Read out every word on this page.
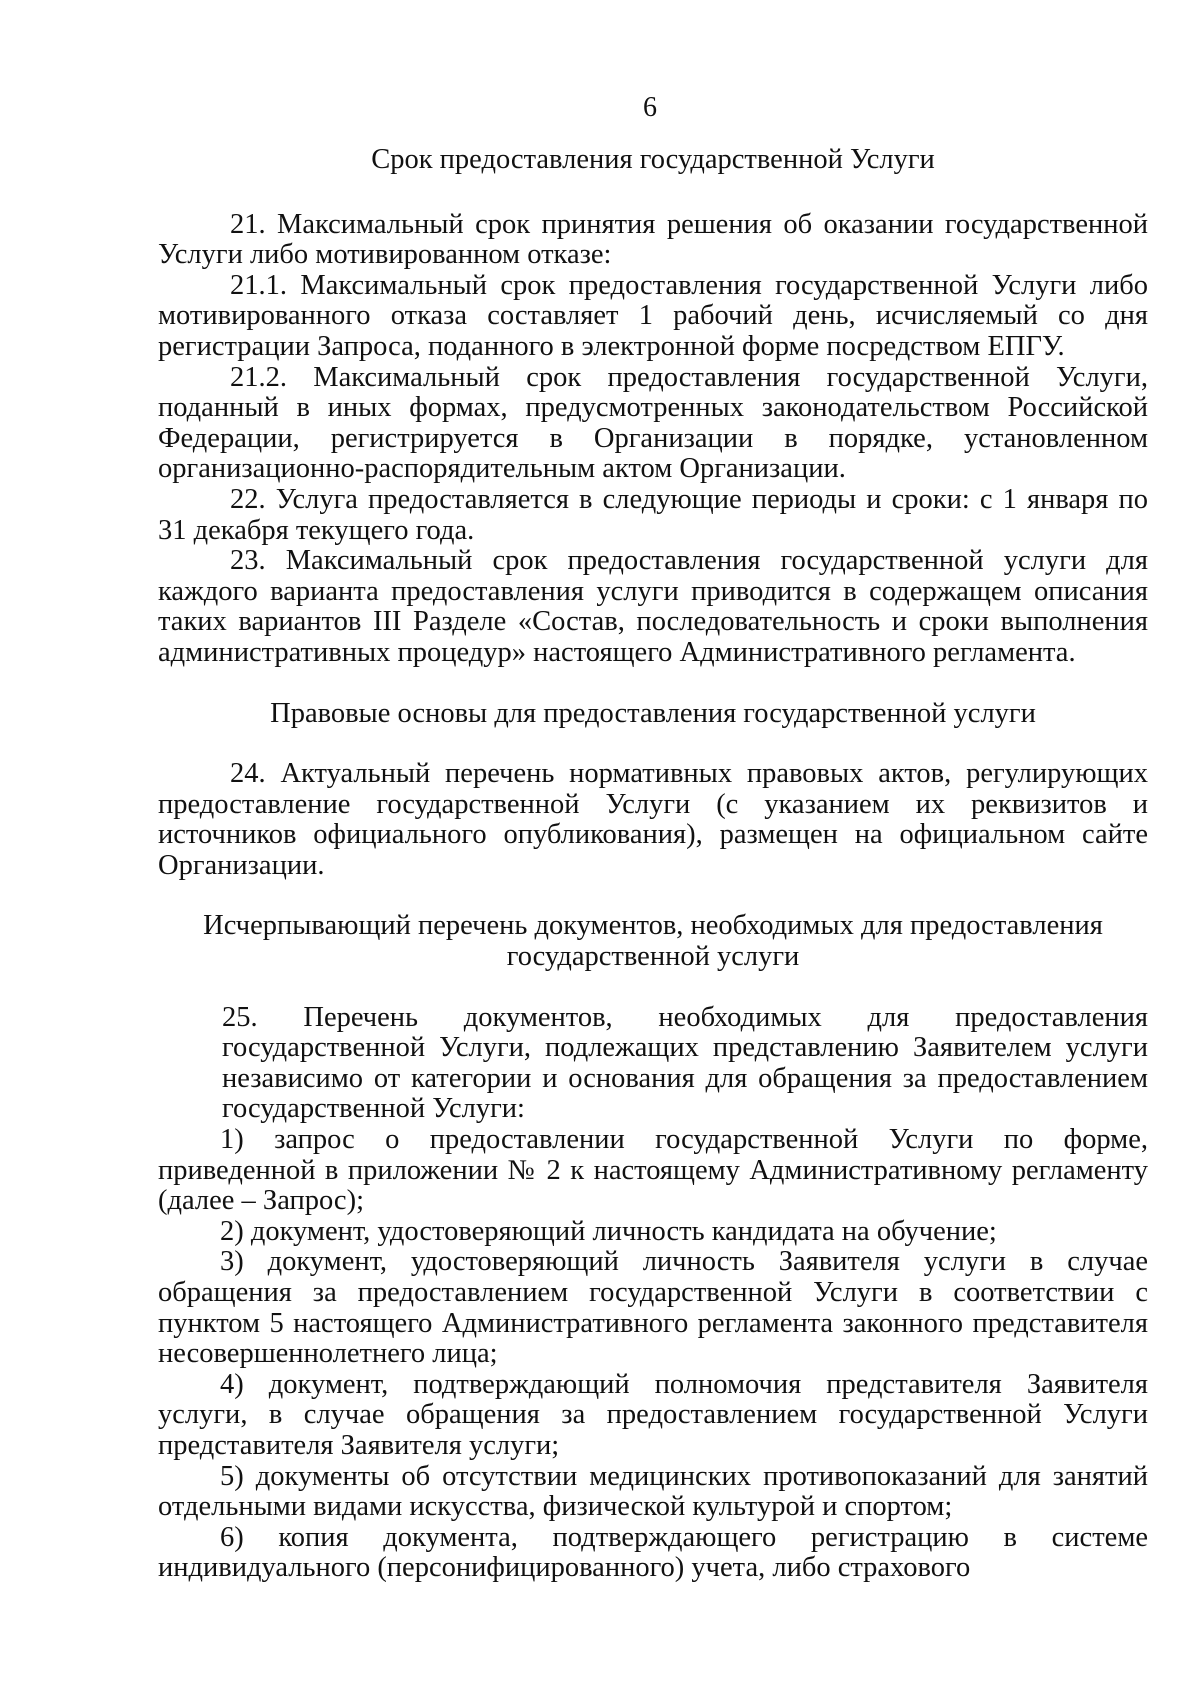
6

Срок предоставления государственной Услуги

21. Максимальный срок принятия решения об оказании государственной Услуги либо мотивированном отказе:

21.1. Максимальный срок предоставления государственной Услуги либо мотивированного отказа составляет 1 рабочий день, исчисляемый со дня регистрации Запроса, поданного в электронной форме посредством ЕПГУ.

21.2. Максимальный срок предоставления государственной Услуги, поданный в иных формах, предусмотренных законодательством Российской Федерации, регистрируется в Организации в порядке, установленном организационно-распорядительным актом Организации.

22. Услуга предоставляется в следующие периоды и сроки: с 1 января по 31 декабря текущего года.

23. Максимальный срок предоставления государственной услуги для каждого варианта предоставления услуги приводится в содержащем описания таких вариантов III Разделе «Состав, последовательность и сроки выполнения административных процедур» настоящего Административного регламента.

Правовые основы для предоставления государственной услуги

24. Актуальный перечень нормативных правовых актов, регулирующих предоставление государственной Услуги (с указанием их реквизитов и источников официального опубликования), размещен на официальном сайте Организации.

Исчерпывающий перечень документов, необходимых для предоставления государственной услуги

25. Перечень документов, необходимых для предоставления государственной Услуги, подлежащих представлению Заявителем услуги независимо от категории и основания для обращения за предоставлением государственной Услуги:

1) запрос о предоставлении государственной Услуги по форме, приведенной в приложении № 2 к настоящему Административному регламенту (далее – Запрос);

2) документ, удостоверяющий личность кандидата на обучение;

3) документ, удостоверяющий личность Заявителя услуги в случае обращения за предоставлением государственной Услуги в соответствии с пунктом 5 настоящего Административного регламента законного представителя несовершеннолетнего лица;

4) документ, подтверждающий полномочия представителя Заявителя услуги, в случае обращения за предоставлением государственной Услуги представителя Заявителя услуги;

5) документы об отсутствии медицинских противопоказаний для занятий отдельными видами искусства, физической культурой и спортом;

6) копия документа, подтверждающего регистрацию в системе индивидуального (персонифицированного) учета, либо страхового
